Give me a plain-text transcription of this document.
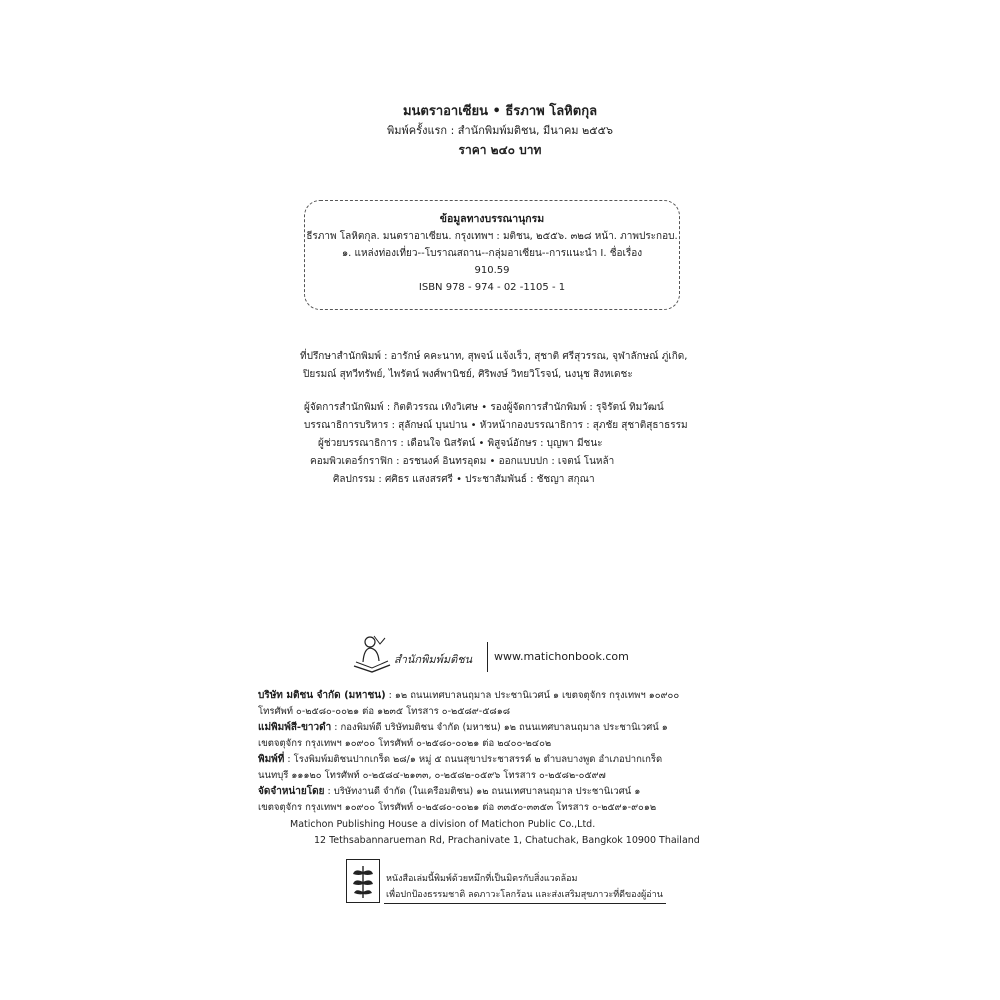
มนตราอาเซียน • ธีรภาพ โลหิตกุล
พิมพ์ครั้งแรก : สำนักพิมพ์มติชน, มีนาคม ๒๕๕๖
ราคา ๒๔๐ บาท
ข้อมูลทางบรรณานุกรม
ธีรภาพ โลหิตกุล. มนตราอาเซียน. กรุงเทพฯ : มติชน, ๒๕๕๖. ๓๒๘ หน้า. ภาพประกอบ.
๑. แหล่งท่องเที่ยว--โบราณสถาน--กลุ่มอาเซียน--การแนะนำ I. ชื่อเรื่อง
910.59
ISBN 978 - 974 - 02 -1105 - 1
ที่ปรึกษาสำนักพิมพ์ : อารักษ์ คคะนาท, สุพจน์ แจ้งเร็ว, สุชาติ ศรีสุวรรณ, จุฬาลักษณ์ ภู่เกิด,
ปิยรมณ์ สุทวีทรัพย์, ไพรัตน์ พงศ์พานิชย์, ศิริพงษ์ วิทยวิโรจน์, นงนุช สิงหเดชะ
ผู้จัดการสำนักพิมพ์ : กิตติวรรณ เทิงวิเศษ • รองผู้จัดการสำนักพิมพ์ : รุจิรัตน์ ทิมวัฒน์
บรรณาธิการบริหาร : สุลักษณ์ บุนปาน • หัวหน้ากองบรรณาธิการ : สุภชัย สุชาติสุธาธรรม
ผู้ช่วยบรรณาธิการ : เดือนใจ นิสรัตน์ • พิสูจน์อักษร : บุญพา มีชนะ
คอมพิวเตอร์กราฟิก : อรชนงค์ อินทรอุดม • ออกแบบปก : เจตน์ โนหล้า
ศิลปกรรม : ศศิธร แสงสรศรี • ประชาสัมพันธ์ : ชัชญา สกุณา
สำนักพิมพ์มติชน www.matichonbook.com
บริษัท มติชน จำกัด (มหาชน) : ๑๒ ถนนเทศบาลนฤมาล ประชานิเวศน์ ๑ เขตจตุจักร กรุงเทพฯ ๑๐๙๐๐
โทรศัพท์ ๐-๒๕๘๐-๐๐๒๑ ต่อ ๑๒๓๕ โทรสาร ๐-๒๕๘๙-๕๘๑๘
แม่พิมพ์สี-ขาวดำ : กองพิมพ์ดี บริษัทมติชน จำกัด (มหาชน) ๑๒ ถนนเทศบาลนฤมาล ประชานิเวศน์ ๑
เขตจตุจักร กรุงเทพฯ ๑๐๙๐๐ โทรศัพท์ ๐-๒๕๘๐-๐๐๒๑ ต่อ ๒๔๐๐-๒๔๐๒
พิมพ์ที่ : โรงพิมพ์มติชนปากเกร็ด ๒๘/๑ หมู่ ๕ ถนนสุขาประชาสรรค์ ๒ ตำบลบางพูด อำเภอปากเกร็ด
นนทบุรี ๑๑๑๒๐ โทรศัพท์ ๐-๒๕๘๔-๒๑๓๓, ๐-๒๕๘๒-๐๕๙๖ โทรสาร ๐-๒๕๘๒-๐๕๙๗
จัดจำหน่ายโดย : บริษัทงานดี จำกัด (ในเครือมติชน) ๑๒ ถนนเทศบาลนฤมาล ประชานิเวศน์ ๑
เขตจตุจักร กรุงเทพฯ ๑๐๙๐๐ โทรศัพท์ ๐-๒๕๘๐-๐๐๒๑ ต่อ ๓๓๕๐-๓๓๕๓ โทรสาร ๐-๒๕๙๑-๙๐๑๒
Matichon Publishing House a division of Matichon Public Co.,Ltd.
12 Tethsabannarueman Rd, Prachanivate 1, Chatuchak, Bangkok 10900 Thailand
หนังสือเล่มนี้พิมพ์ด้วยหมึกที่เป็นมิตรกับสิ่งแวดล้อม
เพื่อปกป้องธรรมชาติ ลดภาวะโลกร้อน และส่งเสริมสุขภาวะที่ดีของผู้อ่าน
